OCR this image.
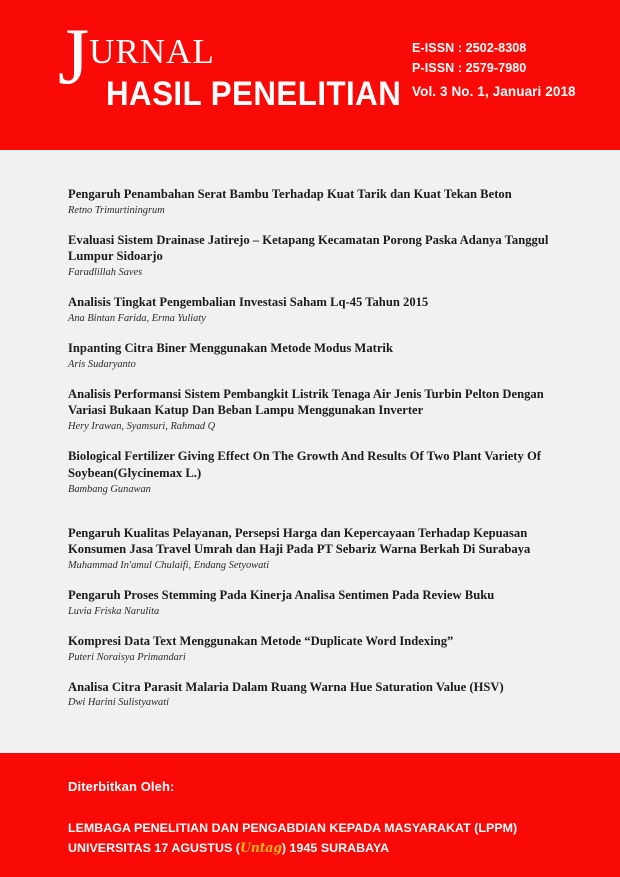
J URNAL
HASIL PENELITIAN
E-ISSN : 2502-8308
P-ISSN : 2579-7980
Vol. 3 No. 1, Januari 2018
Pengaruh Penambahan Serat Bambu Terhadap Kuat Tarik dan Kuat Tekan Beton
Retno Trimurtiningrum
Evaluasi Sistem Drainase Jatirejo – Ketapang Kecamatan Porong Paska Adanya Tanggul Lumpur Sidoarjo
Faradlillah Saves
Analisis Tingkat Pengembalian Investasi Saham Lq-45 Tahun 2015
Ana Bintan Farida, Erma Yuliaty
Inpanting Citra Biner Menggunakan Metode Modus Matrik
Aris Sudaryanto
Analisis Performansi Sistem Pembangkit Listrik Tenaga Air Jenis Turbin Pelton Dengan Variasi Bukaan Katup Dan Beban Lampu Menggunakan Inverter
Hery Irawan, Syamsuri, Rahmad Q
Biological Fertilizer Giving Effect On The Growth And Results Of Two Plant Variety Of Soybean(Glycinemax L.)
Bambang Gunawan
Pengaruh Kualitas Pelayanan, Persepsi Harga dan Kepercayaan Terhadap Kepuasan Konsumen Jasa Travel Umrah dan Haji Pada PT Sebariz Warna Berkah Di Surabaya
Muhammad In'amul Chulaifi, Endang Setyowati
Pengaruh Proses Stemming Pada Kinerja Analisa Sentimen Pada Review Buku
Luvia Friska Narulita
Kompresi Data Text Menggunakan Metode “Duplicate Word Indexing”
Puteri Noraisya Primandari
Analisa Citra Parasit Malaria Dalam Ruang Warna Hue Saturation Value (HSV)
Dwi Harini Sulistyawati
Diterbitkan Oleh:
LEMBAGA PENELITIAN DAN PENGABDIAN KEPADA MASYARAKAT (LPPM)
UNIVERSITAS 17 AGUSTUS (Untag) 1945 SURABAYA
